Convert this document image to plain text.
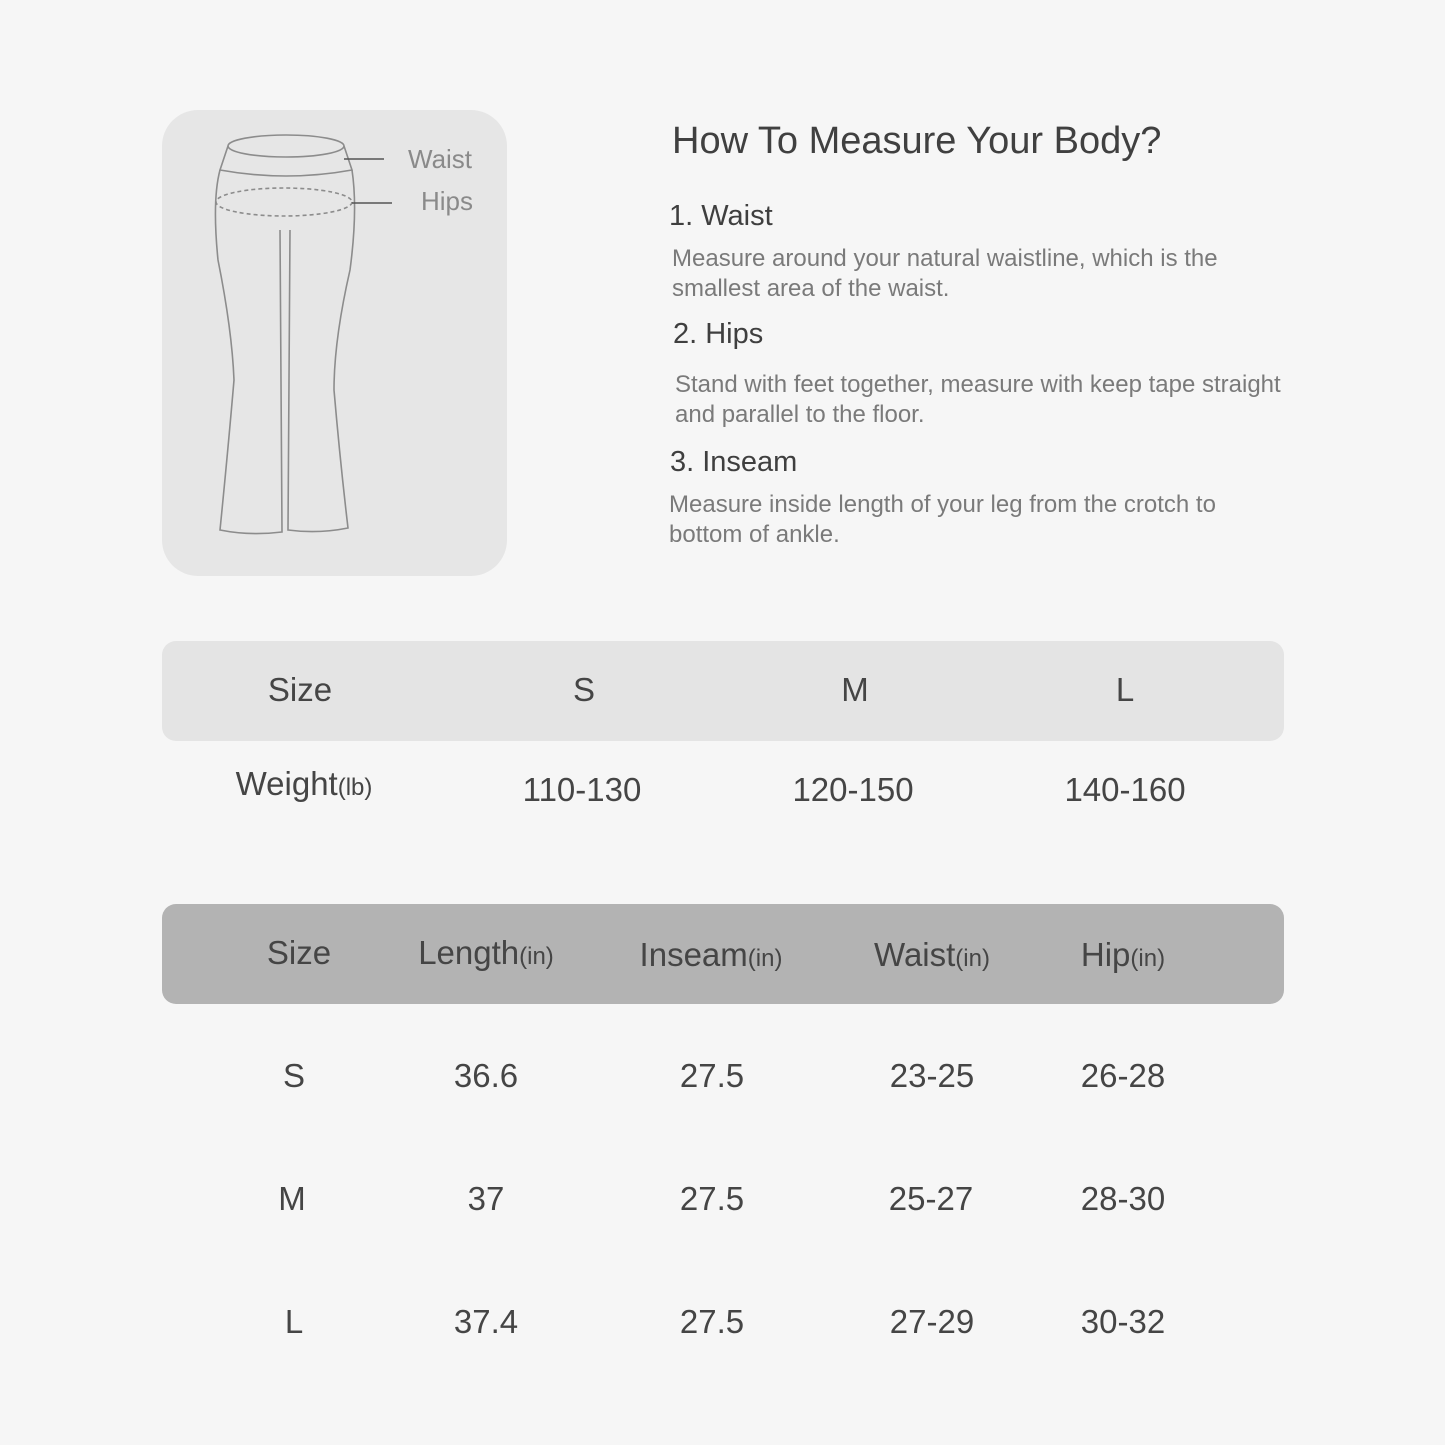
Waist
Hips
How To Measure Your Body?
1. Waist
Measure around your natural waistline, which is the smallest area of the waist.
2. Hips
Stand with feet together, measure with keep tape straight and parallel to the floor.
3. Inseam
Measure inside length of your leg from the crotch to bottom of ankle.
Size	S	M	L
Weight(lb)	110-130	120-150	140-160
Size	Length(in)	Inseam(in)	Waist(in)	Hip(in)
S	36.6	27.5	23-25	26-28
M	37	27.5	25-27	28-30
L	37.4	27.5	27-29	30-32
